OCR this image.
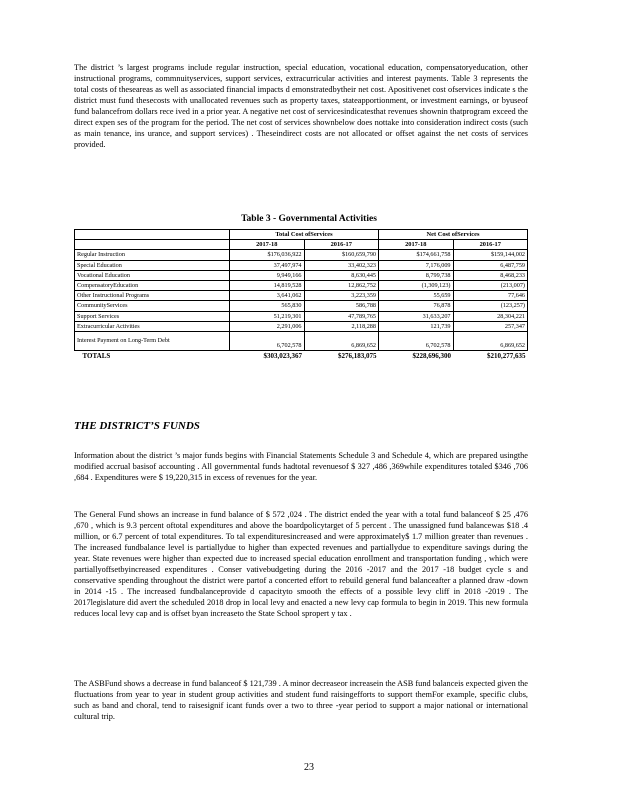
The district ’s largest programs include regular instruction, special education, vocational education, compensatoryeducation, other instructional programs, commnuityservices, support services, extracurricular activities and interest payments. Table 3 represents the total costs of theseareas as well as associated financial impacts d emonstratedbytheir net cost. Apositivenet cost ofservices indicate s the district must fund thesecosts with unallocated revenues such as property taxes, stateapportionment, or investment earnings, or byuseof fund balancefrom dollars rece ived in a prior year. A negative net cost of servicesindicatesthat revenues shownin thatprogram exceed the direct expen ses of the program for the period. The net cost of services shownbelow does nottake into consideration indirect costs (such as main tenance, ins urance, and support services) . Theseindirect costs are not allocated or offset against the net costs of services provided.

Table 3 - Governmental Activities
	Total Cost ofServices		Net Cost ofServices	
	2017-18	2016-17	2017-18	2016-17
Regular Instruction	$176,036,922	$160,659,790	$174,661,758	$159,144,002
Special Education	37,497,974	33,402,323	7,176,009	6,487,759
Vocational Education	9,949,166	8,630,445	8,799,738	8,468,233
CompensatoryEducation	14,819,528	12,862,752	(1,309,123)	(213,007)
Other Instructional Programs	3,641,062	3,223,359	55,659	77,646
CommunityServices	565,830	586,788	76,878	(123,257)
Support Services	51,219,301	47,789,765	31,633,207	28,304,221
Extracurricular Activities	2,291,006	2,118,288	121,739	257,347
Interest Payment on Long-Term Debt	6,702,578	6,869,652	6,702,578	6,869,652
TOTALS	$303,023,367	$276,183,075	$228,696,300	$210,277,635
THE DISTRICT’S FUNDS

Information about the district ’s major funds begins with Financial Statements Schedule 3 and Schedule 4, which are prepared usingthe modified accrual basisof accounting . All governmental funds hadtotal revenuesof $ 327 ,486 ,369while expenditures totaled $346 ,706 ,684 . Expenditures were $ 19,220,315 in excess of revenues for the year.

The General Fund shows an increase in fund balance of $ 572 ,024 . The district ended the year with a total fund balanceof $ 25 ,476 ,670 , which is 9.3 percent oftotal expenditures and above the boardpolicytarget of 5 percent . The unassigned fund balancewas $18 .4 million, or 6.7 percent of total expenditures. To tal expendituresincreased and were approximately$ 1.7 million greater than revenues . The increased fundbalance level is partiallydue to higher than expected revenues and partiallydue to expenditure savings during the year. State revenues were higher than expected due to increased special education enrollment and transportation funding , which were partiallyoffsetbyincreased expenditures . Conser vativebudgeting during the 2016 -2017 and the 2017 -18 budget cycle s and conservative spending throughout the district were partof a concerted effort to rebuild general fund balanceafter a planned draw -down in 2014 -15 . The increased fundbalanceprovide d capacityto smooth the effects of a possible levy cliff in 2018 -2019 . The 2017legislature did avert the scheduled 2018 drop in local levy and enacted a new levy cap formula to begin in 2019. This new formula reduces local levy cap and is offset byan increaseto the State School spropert y tax .

The ASBFund shows a decrease in fund balanceof $ 121,739 . A minor decreaseor increasein the ASB fund balanceis expected given the fluctuations from year to year in student group activities and student fund raisingefforts to support themFor example, specific clubs, such as band and choral, tend to raisesignif icant funds over a two to three -year period to support a major national or international cultural trip.

23
